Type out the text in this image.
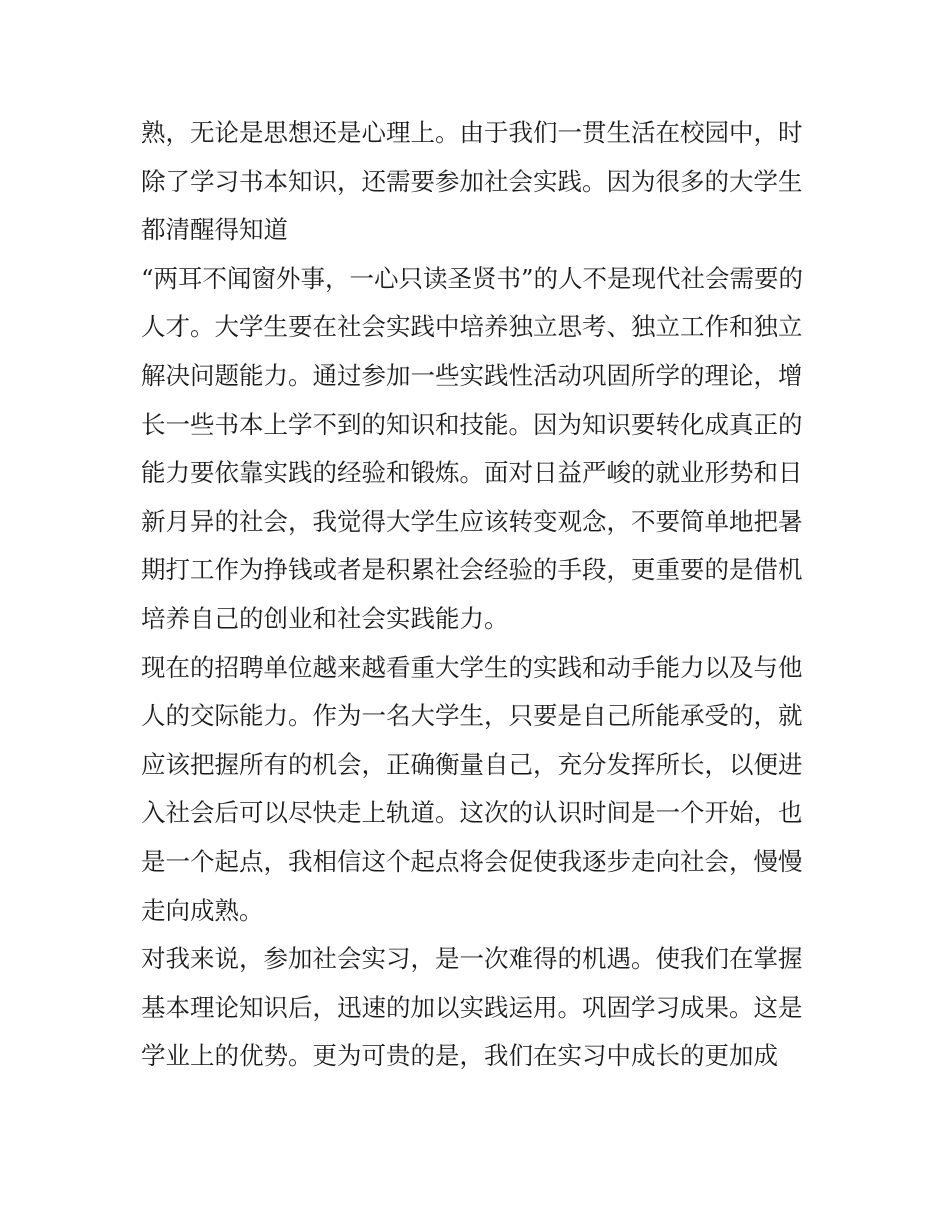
熟，无论是思想还是心理上。由于我们一贯生活在校园中，时
除了学习书本知识，还需要参加社会实践。因为很多的大学生
都清醒得知道
“两耳不闻窗外事，一心只读圣贤书”的人不是现代社会需要的
人才。大学生要在社会实践中培养独立思考、独立工作和独立
解决问题能力。通过参加一些实践性活动巩固所学的理论，增
长一些书本上学不到的知识和技能。因为知识要转化成真正的
能力要依靠实践的经验和锻炼。面对日益严峻的就业形势和日
新月异的社会，我觉得大学生应该转变观念，不要简单地把暑
期打工作为挣钱或者是积累社会经验的手段，更重要的是借机
培养自己的创业和社会实践能力。
现在的招聘单位越来越看重大学生的实践和动手能力以及与他
人的交际能力。作为一名大学生，只要是自己所能承受的，就
应该把握所有的机会，正确衡量自己，充分发挥所长，以便进
入社会后可以尽快走上轨道。这次的认识时间是一个开始，也
是一个起点，我相信这个起点将会促使我逐步走向社会，慢慢
走向成熟。
对我来说，参加社会实习，是一次难得的机遇。使我们在掌握
基本理论知识后，迅速的加以实践运用。巩固学习成果。这是
学业上的优势。更为可贵的是，我们在实习中成长的更加成
